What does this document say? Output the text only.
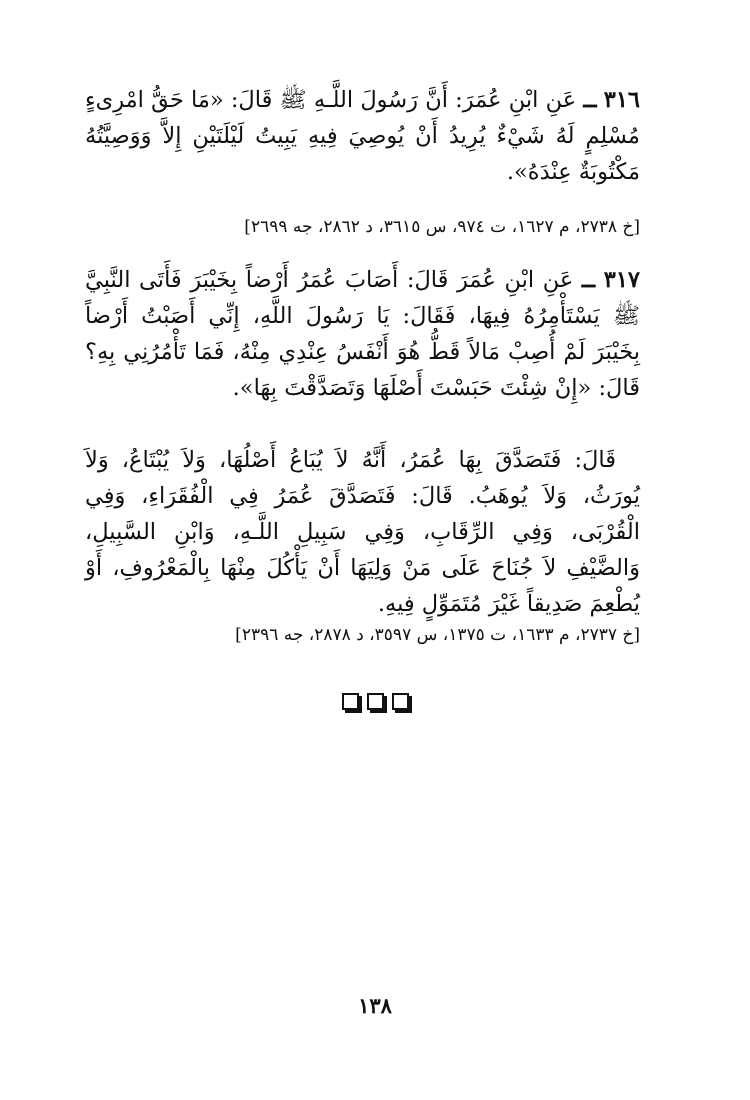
٣١٦ ــ عَنِ ابْنِ عُمَرَ: أَنَّ رَسُولَ اللَّـهِ ﷺ قَالَ: «مَا حَقُّ امْرِىءٍ مُسْلِمٍ لَهُ شَيْءٌ يُرِيدُ أَنْ يُوصِيَ فِيهِ يَبِيتُ لَيْلَتَيْنِ إِلاَّ وَوَصِيَّتُهُ مَكْتُوبَةٌ عِنْدَهُ».

[خ ٢٧٣٨، م ١٦٢٧، ت ٩٧٤، س ٣٦١٥، د ٢٨٦٢، جه ٢٦٩٩]

٣١٧ ــ عَنِ ابْنِ عُمَرَ قَالَ: أَصَابَ عُمَرُ أَرْضاً بِخَيْبَرَ فَأَتَى النَّبِيَّ ﷺ يَسْتَأْمِرُهُ فِيهَا، فَقَالَ: يَا رَسُولَ اللَّهِ، إِنِّي أَصَبْتُ أَرْضاً بِخَيْبَرَ لَمْ أُصِبْ مَالاً قَطُّ هُوَ أَنْفَسُ عِنْدِي مِنْهُ، فَمَا تَأْمُرُنِي بِهِ؟ قَالَ: «إِنْ شِئْتَ حَبَسْتَ أَصْلَهَا وَتَصَدَّقْتَ بِهَا».

قَالَ: فَتَصَدَّقَ بِهَا عُمَرُ، أَنَّهُ لاَ يُبَاعُ أَصْلُهَا، وَلاَ يُبْتَاعُ، وَلاَ يُورَثُ، وَلاَ يُوهَبُ. قَالَ: فَتَصَدَّقَ عُمَرُ فِي الْفُقَرَاءِ، وَفِي الْقُرْبَى، وَفِي الرِّقَابِ، وَفِي سَبِيلِ اللَّـهِ، وَابْنِ السَّبِيلِ، وَالضَّيْفِ لاَ جُنَاحَ عَلَى مَنْ وَلِيَهَا أَنْ يَأْكُلَ مِنْهَا بِالْمَعْرُوفِ، أَوْ يُطْعِمَ صَدِيقاً غَيْرَ مُتَمَوِّلٍ فِيهِ.

[خ ٢٧٣٧، م ١٦٣٣، ت ١٣٧٥، س ٣٥٩٧، د ٢٨٧٨، جه ٢٣٩٦]
١٣٨
